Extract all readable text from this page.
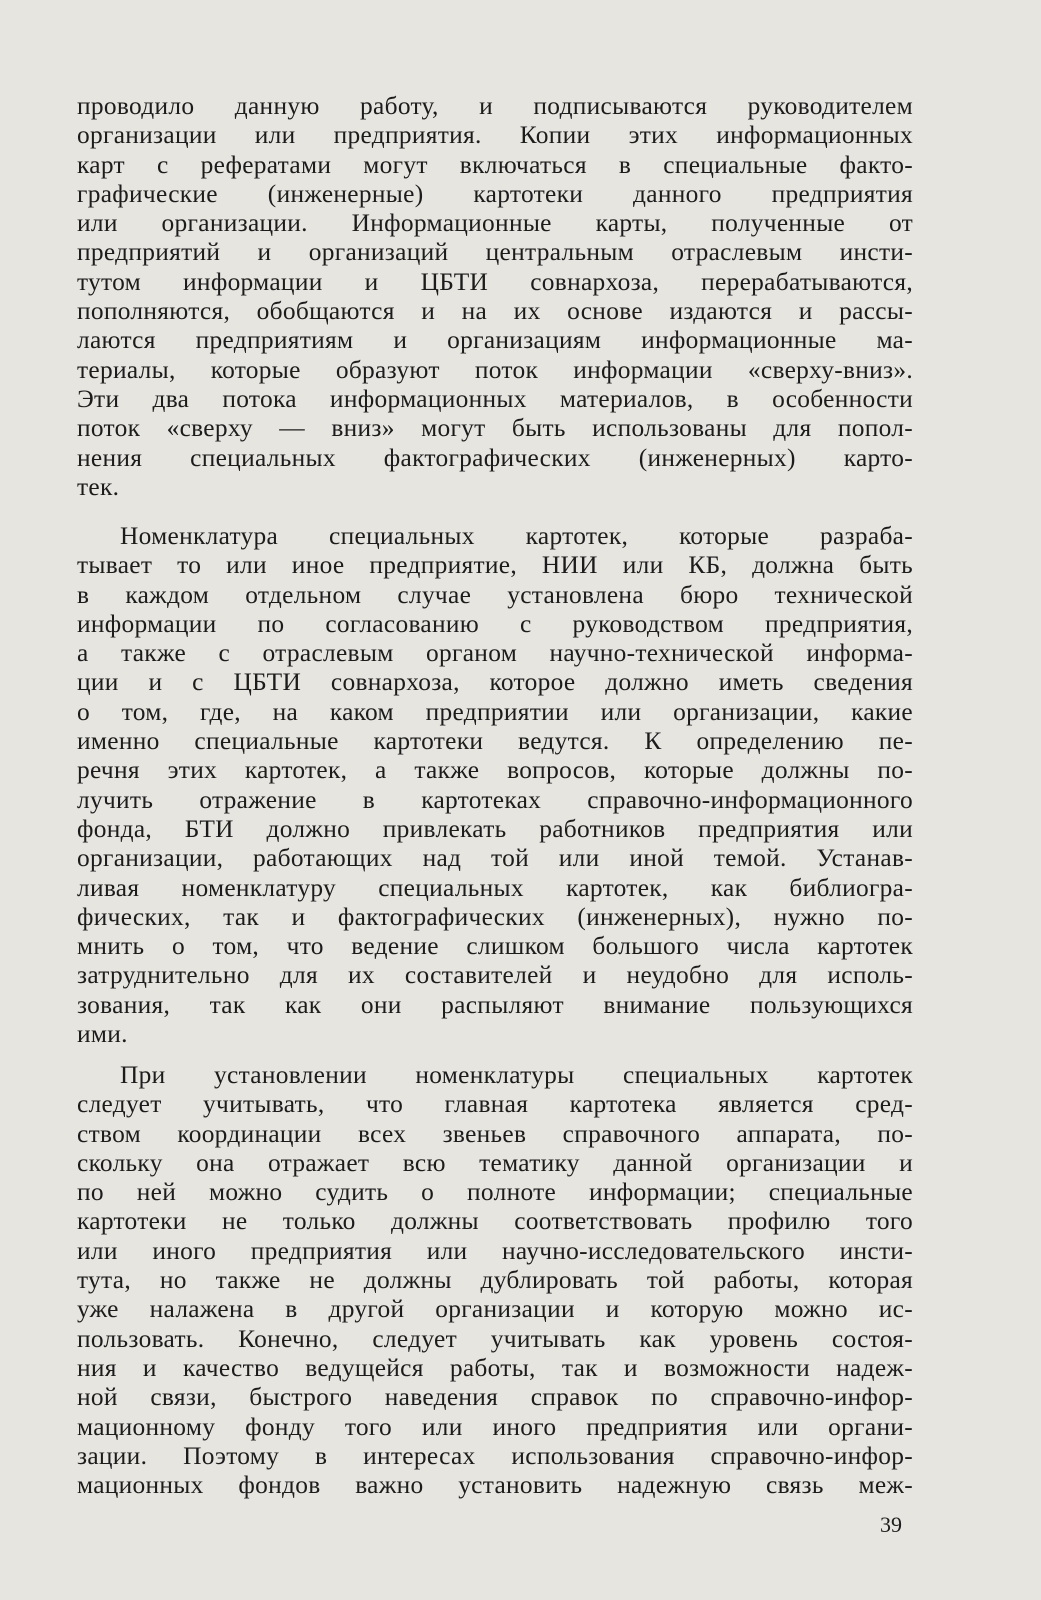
проводило данную работу, и подписываются руководителем
организации или предприятия. Копии этих информационных
карт с рефератами могут включаться в специальные факто-
графические (инженерные) картотеки данного предприятия
или организации. Информационные карты, полученные от
предприятий и организаций центральным отраслевым инсти-
тутом информации и ЦБТИ совнархоза, перерабатываются,
пополняются, обобщаются и на их основе издаются и рассы-
лаются предприятиям и организациям информационные ма-
териалы, которые образуют поток информации «сверху-вниз».
Эти два потока информационных материалов, в особенности
поток «сверху — вниз» могут быть использованы для попол-
нения специальных фактографических (инженерных) карто-
тек.
Номенклатура специальных картотек, которые разраба-
тывает то или иное предприятие, НИИ или КБ, должна быть
в каждом отдельном случае установлена бюро технической
информации по согласованию с руководством предприятия,
а также с отраслевым органом научно-технической информа-
ции и с ЦБТИ совнархоза, которое должно иметь сведения
о том, где, на каком предприятии или организации, какие
именно специальные картотеки ведутся. К определению пе-
речня этих картотек, а также вопросов, которые должны по-
лучить отражение в картотеках справочно-информационного
фонда, БТИ должно привлекать работников предприятия или
организации, работающих над той или иной темой. Устанав-
ливая номенклатуру специальных картотек, как библиогра-
фических, так и фактографических (инженерных), нужно по-
мнить о том, что ведение слишком большого числа картотек
затруднительно для их составителей и неудобно для исполь-
зования, так как они распыляют внимание пользующихся
ими.
При установлении номенклатуры специальных картотек
следует учитывать, что главная картотека является сред-
ством координации всех звеньев справочного аппарата, по-
скольку она отражает всю тематику данной организации и
по ней можно судить о полноте информации; специальные
картотеки не только должны соответствовать профилю того
или иного предприятия или научно-исследовательского инсти-
тута, но также не должны дублировать той работы, которая
уже налажена в другой организации и которую можно ис-
пользовать. Конечно, следует учитывать как уровень состоя-
ния и качество ведущейся работы, так и возможности надеж-
ной связи, быстрого наведения справок по справочно-инфор-
мационному фонду того или иного предприятия или органи-
зации. Поэтому в интересах использования справочно-инфор-
мационных фондов важно установить надежную связь меж-
39
